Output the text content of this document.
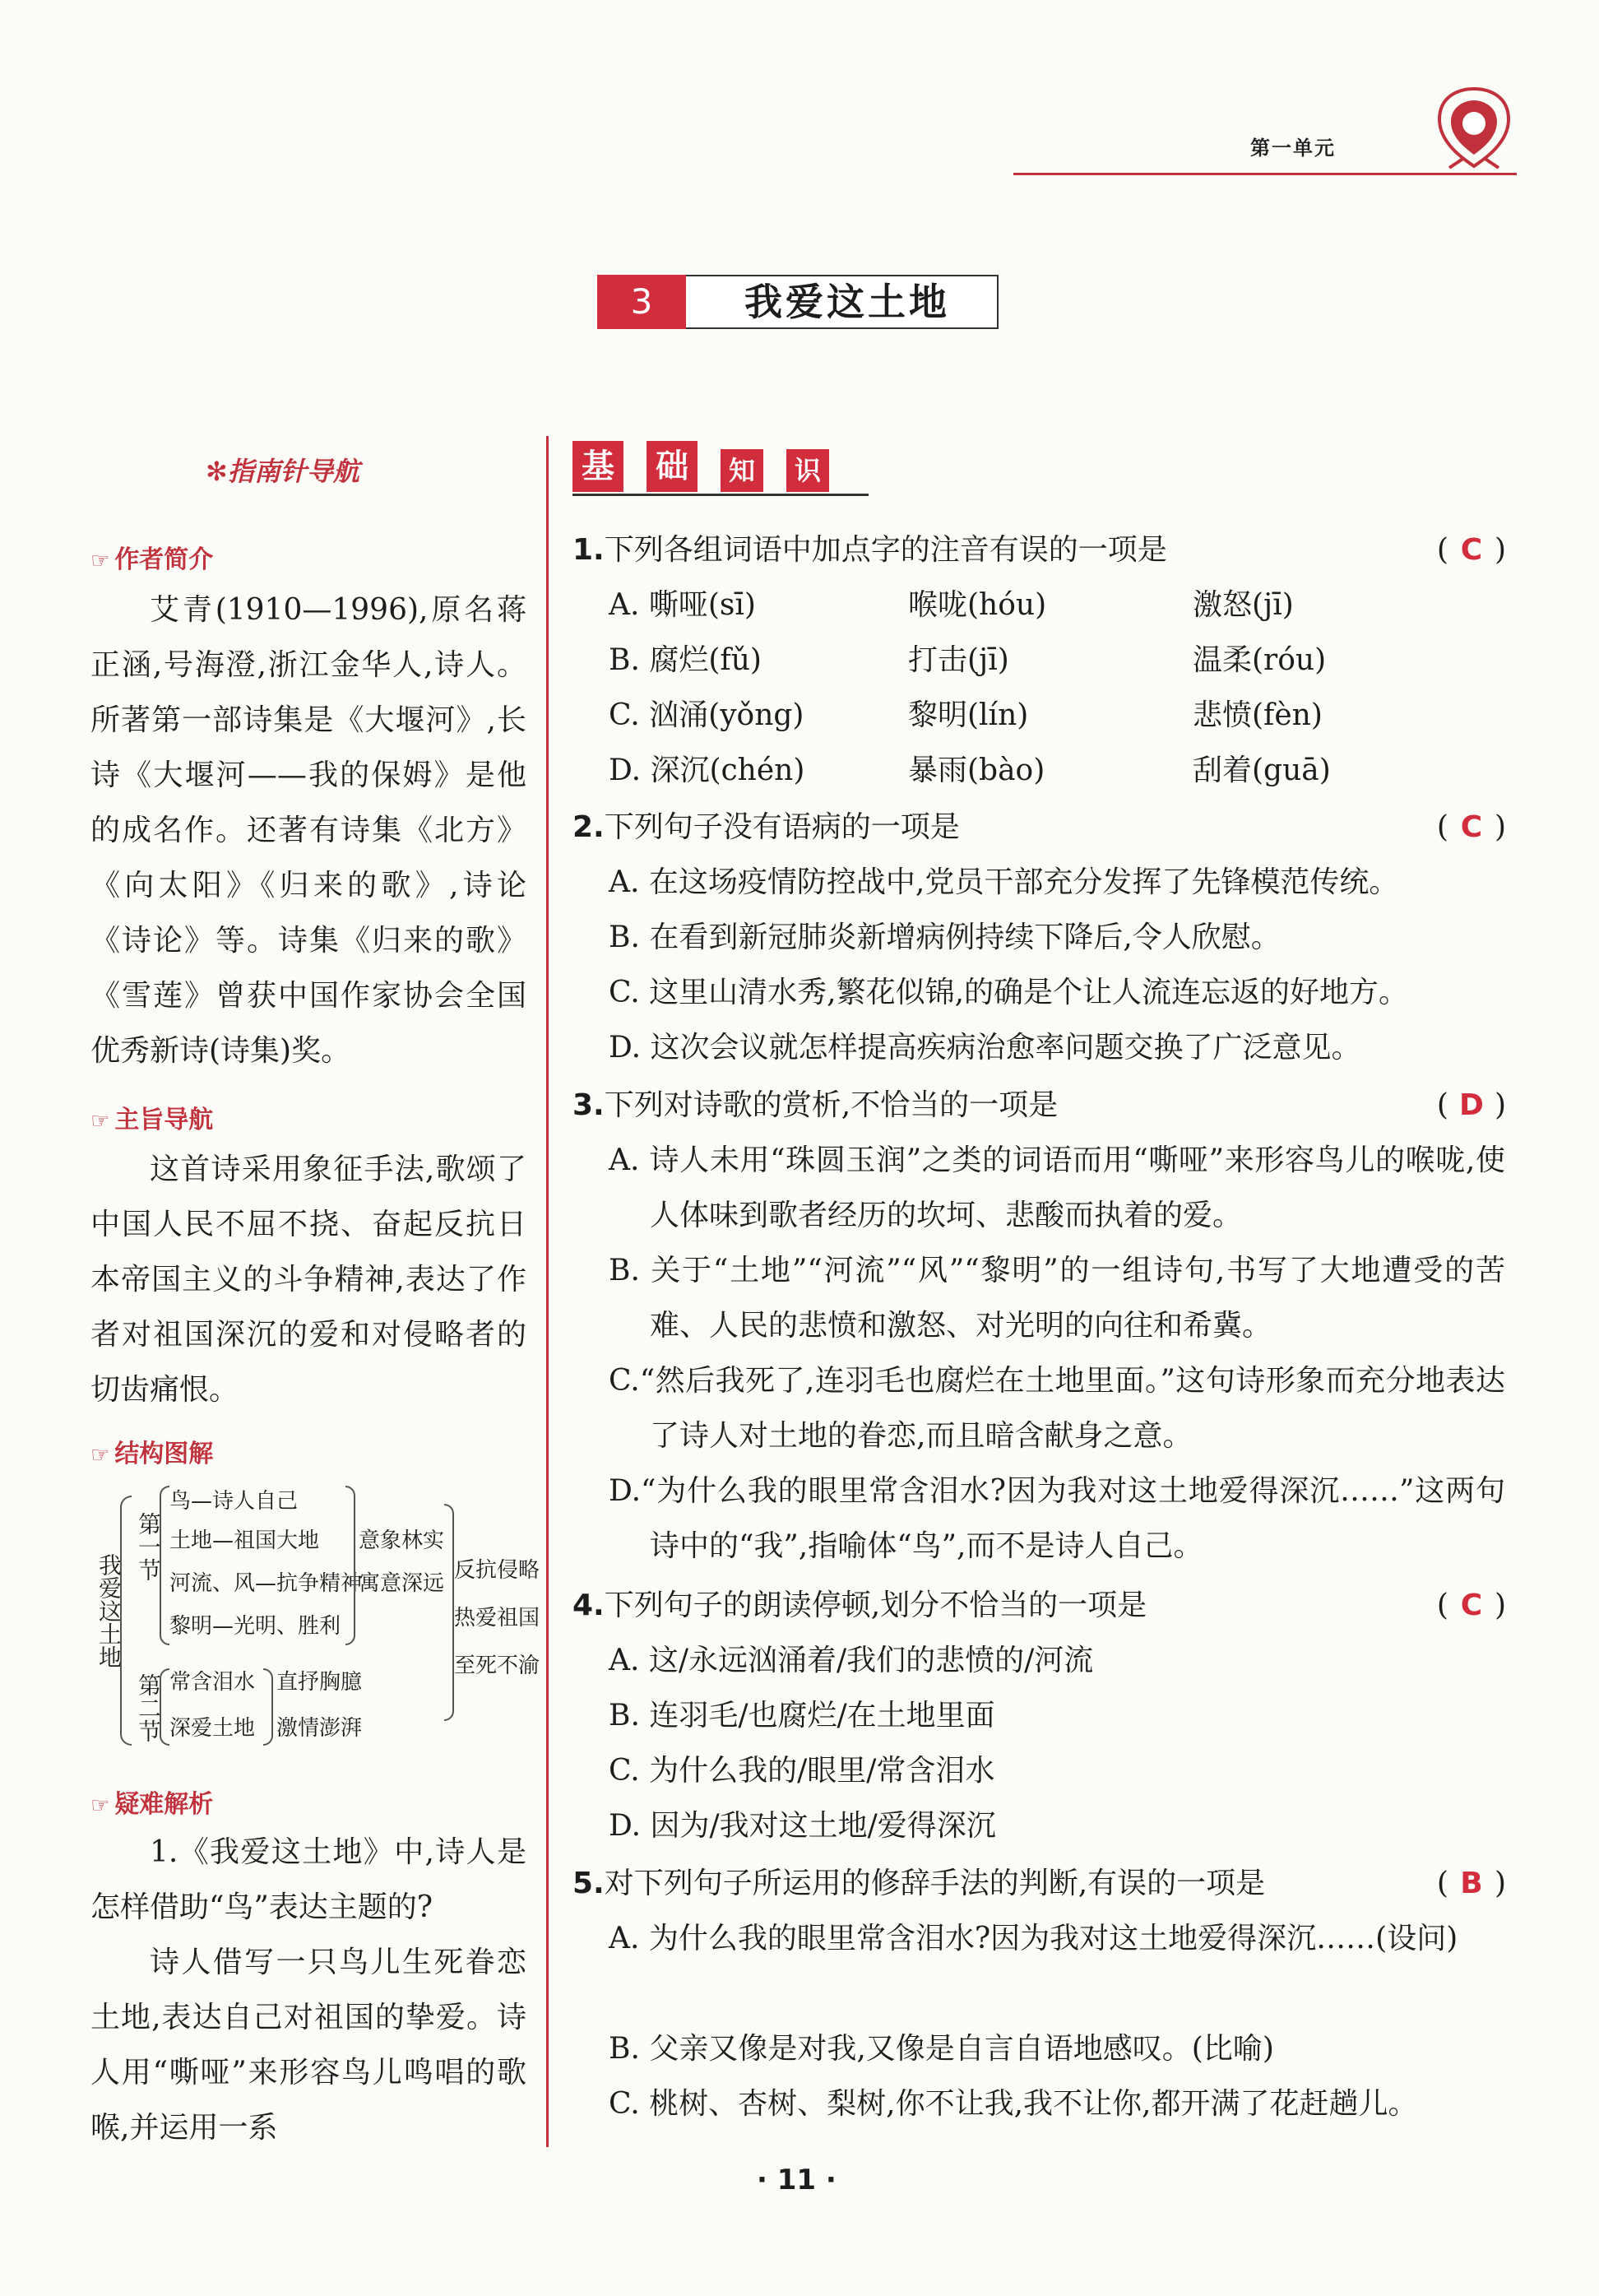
第一单元
3	我爱这土地
✻指南针导航
☞ 作者简介
艾青(1910—1996),原名蒋正涵,号海澄,浙江金华人,诗人。所著第一部诗集是《大堰河》,长诗《大堰河——我的保姆》是他的成名作。还著有诗集《北方》《向太阳》《归来的歌》,诗论《诗论》等。诗集《归来的歌》《雪莲》曾获中国作家协会全国优秀新诗(诗集)奖。
☞ 主旨导航
这首诗采用象征手法,歌颂了中国人民不屈不挠、奋起反抗日本帝国主义的斗争精神,表达了作者对祖国深沉的爱和对侵略者的切齿痛恨。
☞ 结构图解
我爱这土地
第一节
鸟—诗人自己
土地—祖国大地
河流、风—抗争精神
黎明—光明、胜利
意象林实
寓意深远
第二节 常含泪水
深爱土地
直抒胸臆
激情澎湃
反抗侵略
热爱祖国
至死不渝
☞ 疑难解析
1.《我爱这土地》中,诗人是怎样借助“鸟”表达主题的?
诗人借写一只鸟儿生死眷恋土地,表达自己对祖国的挚爱。诗人用“嘶哑”来形容鸟儿鸣唱的歌喉,并运用一系
基 础	知	识
1.下列各组词语中加点字的注音有误的一项是	( C )
A. 嘶哑(sī)	喉咙(hóu)	激怒(jī)
B. 腐烂(fǔ)	打击(jī)	温柔(róu)
C. 汹涌(yǒng)	黎明(lín)	悲愤(fèn)
D. 深沉(chén)	暴雨(bào)	刮着(guā)
2.下列句子没有语病的一项是	( C )
A. 在这场疫情防控战中,党员干部充分发挥了先锋模范传统。
B. 在看到新冠肺炎新增病例持续下降后,令人欣慰。
C. 这里山清水秀,繁花似锦,的确是个让人流连忘返的好地方。
D. 这次会议就怎样提高疾病治愈率问题交换了广泛意见。
3.下列对诗歌的赏析,不恰当的一项是	( D )
A. 诗人未用“珠圆玉润”之类的词语而用“嘶哑”来形容鸟儿的喉咙,使人体味到歌者经历的坎坷、悲酸而执着的爱。
B. 关于“土地”“河流”“风”“黎明”的一组诗句,书写了大地遭受的苦难、人民的悲愤和激怒、对光明的向往和希冀。
C.“然后我死了,连羽毛也腐烂在土地里面。”这句诗形象而充分地表达了诗人对土地的眷恋,而且暗含献身之意。
D.“为什么我的眼里常含泪水?因为我对这土地爱得深沉……”这两句诗中的“我”,指喻体“鸟”,而不是诗人自己。
4.下列句子的朗读停顿,划分不恰当的一项是	( C )
A. 这/永远汹涌着/我们的悲愤的/河流
B. 连羽毛/也腐烂/在土地里面
C. 为什么我的/眼里/常含泪水
D. 因为/我对这土地/爱得深沉
5.对下列句子所运用的修辞手法的判断,有误的一项是	( B )
A. 为什么我的眼里常含泪水?因为我对这土地爱得深沉……(设问)
B. 父亲又像是对我,又像是自言自语地感叹。(比喻)
C. 桃树、杏树、梨树,你不让我,我不让你,都开满了花赶趟儿。
· 11 ·
